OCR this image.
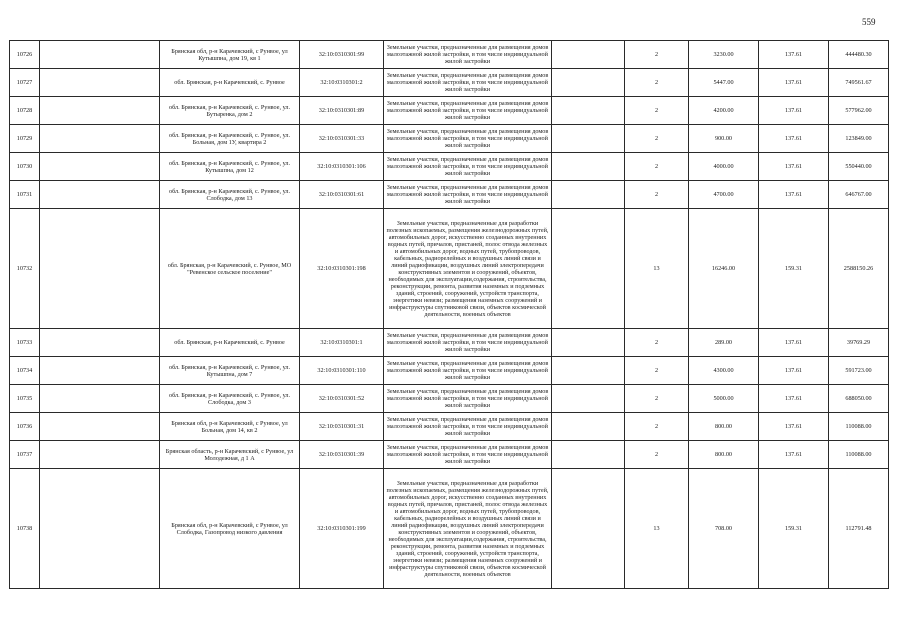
559
10726		Брянская обл, р-н Карачевский, с Рунвое, ул Кутышпна, дом 19, кв 1	32:10:0310301:99	Земельные участки, предназначенные для размещения домов малоэтажной жилой застройки, в том числе индивидуальной жилой застройки		2	3230.00	137.61	444480.30
10727		обл. Брянская, р-н Карачевский, с. Рунвое	32:10:0310301:2	Земельные участки, предназначенные для размещения домов малоэтажной жилой застройки, в том числе индивидуальной жилой застройки		2	5447.00	137.61	749561.67
10728		обл. Брянская, р-н Карачевский, с. Рунвое, ул. Бутыренка, дом 2	32:10:0310301:89	Земельные участки, предназначенные для размещения домов малоэтажной жилой застройки, в том числе индивидуальной жилой застройки		2	4200.00	137.61	577962.00
10729		обл. Брянская, р-н Карачевский, с. Рунвое, ул. Больная, дом 1У, квартира 2	32:10:0310301:33	Земельные участки, предназначенные для размещения домов малоэтажной жилой застройки, в том числе индивидуальной жилой застройки		2	900.00	137.61	123849.00
10730		обл. Брянская, р-н Карачевский, с. Рунвое, ул. Кутышпна, дом 12	32:10:0310301:106	Земельные участки, предназначенные для размещения домов малоэтажной жилой застройки, в том числе индивидуальной жилой застройки		2	4000.00	137.61	550440.00
10731		обл. Брянская, р-н Карачевский, с. Рунвое, ул. Слободка, дом 13	32:10:0310301:61	Земельные участки, предназначенные для размещения домов малоэтажной жилой застройки, в том числе индивидуальной жилой застройки		2	4700.00	137.61	646767.00
10732		обл. Брянская, р-н Карачевский, с. Рунвое, МО "Ревенское сельское поселение"	32:10:0310301:198	Земельные участки, предназначенные для разработки полезных ископаемых, размещения железнодорожных путей, автомобильных дорог, искусственно созданных внутренних водных путей, причалов, пристаней, полос отвода железных и автомобильных дорог, водных путей, трубопроводов, кабельных, радиорелейных и воздушных линий связи и линий радиофикации, воздушных линий электропередачи конструктивных элементов и сооружений, объектов, необходимых для эксплуатации,содержания, строительства, реконструкции, ремонта, развития наземных и подземных зданий, строений, сооружений, устройств транспорта, энергетики невязи; размещения наземных сооружений и инфраструктуры спутниковой связи, объектов космической деятельности, военных объектов		13	16246.00	159.31	2588150.26
10733		обл. Брянская, р-н Карачевский, с. Рунвое	32:10:0310301:1	Земельные участки, предназначенные для размещения домов малоэтажной жилой застройки, в том числе индивидуальной жилой застройки		2	289.00	137.61	39769.29
10734		обл. Брянская, р-н Карачевский, с. Рунвое, ул. Кутышпна, дом 7	32:10:0310301:110	Земельные участки, предназначенные для размещения домов малоэтажной жилой застройки, в том числе индивидуальной жилой застройки		2	4300.00	137.61	591723.00
10735		обл. Брянская, р-н Карачевский, с. Рунвое, ул. Слободка, дом 3	32:10:0310301:52	Земельные участки, предназначенные для размещения домов малоэтажной жилой застройки, в том числе индивидуальной жилой застройки		2	5000.00	137.61	688050.00
10736		Брянская обл, р-н Карачевский, с Рунвое, ул Больная, дом 14, кв 2	32:10:0310301:31	Земельные участки, предназначенные для размещения домов малоэтажной жилой застройки, в том числе индивидуальной жилой застройки		2	800.00	137.61	110088.00
10737		Брянская область, р-н Карачевский, с Рунвое, ул Молодежная, д 1 А	32:10:0310301:39	Земельные участки, предназначенные для размещения домов малоэтажной жилой застройки, в том числе индивидуальной жилой застройки		2	800.00	137.61	110088.00
10738		Брянская обл, р-н Карачевский, с Рунвое, ул Слободка, Газопровод низкого давления	32:10:0310301:199	Земельные участки, предназначенные для разработки полезных ископаемых, размещения железнодорожных путей, автомобильных дорог, искусственно созданных внутренних водных путей, причалов, пристаней, полос отвода железных и автомобильных дорог, водных путей, трубопроводов, кабельных, радиорелейных и воздушных линий связи и линий радиофикации, воздушных линий электропередачи конструктивных элементов и сооружений, объектов, необходимых для эксплуатации,содержания, строительства, реконструкции, ремонта, развития наземных и подземных зданий, строений, сооружений, устройств транспорта, энергетики невязи; размещения наземных сооружений и инфраструктуры спутниковой связи, объектов космической деятельности, военных объектов		13	708.00	159.31	112791.48
